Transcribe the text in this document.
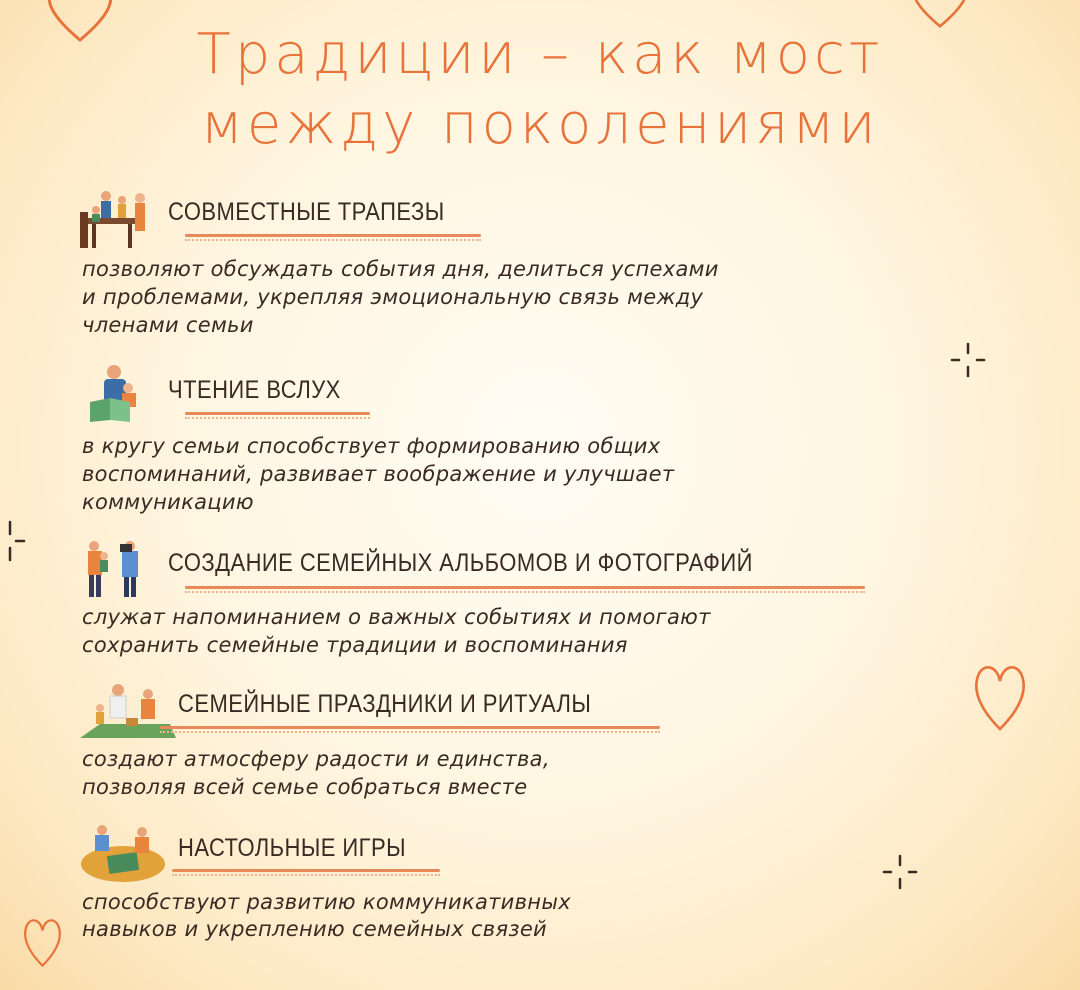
Традиции – как мост
между поколениями
СОВМЕСТНЫЕ ТРАПЕЗЫ
позволяют обсуждать события дня, делиться успехами
и проблемами, укрепляя эмоциональную связь между
членами семьи
ЧТЕНИЕ ВСЛУХ
в кругу семьи способствует формированию общих
воспоминаний, развивает воображение и улучшает
коммуникацию
СОЗДАНИЕ СЕМЕЙНЫХ АЛЬБОМОВ И ФОТОГРАФИЙ
служат напоминанием о важных событиях и помогают
сохранить семейные традиции и воспоминания
СЕМЕЙНЫЕ ПРАЗДНИКИ И РИТУАЛЫ
создают атмосферу радости и единства,
позволяя всей семье собраться вместе
НАСТОЛЬНЫЕ ИГРЫ
способствуют развитию коммуникативных
навыков и укреплению семейных связей
